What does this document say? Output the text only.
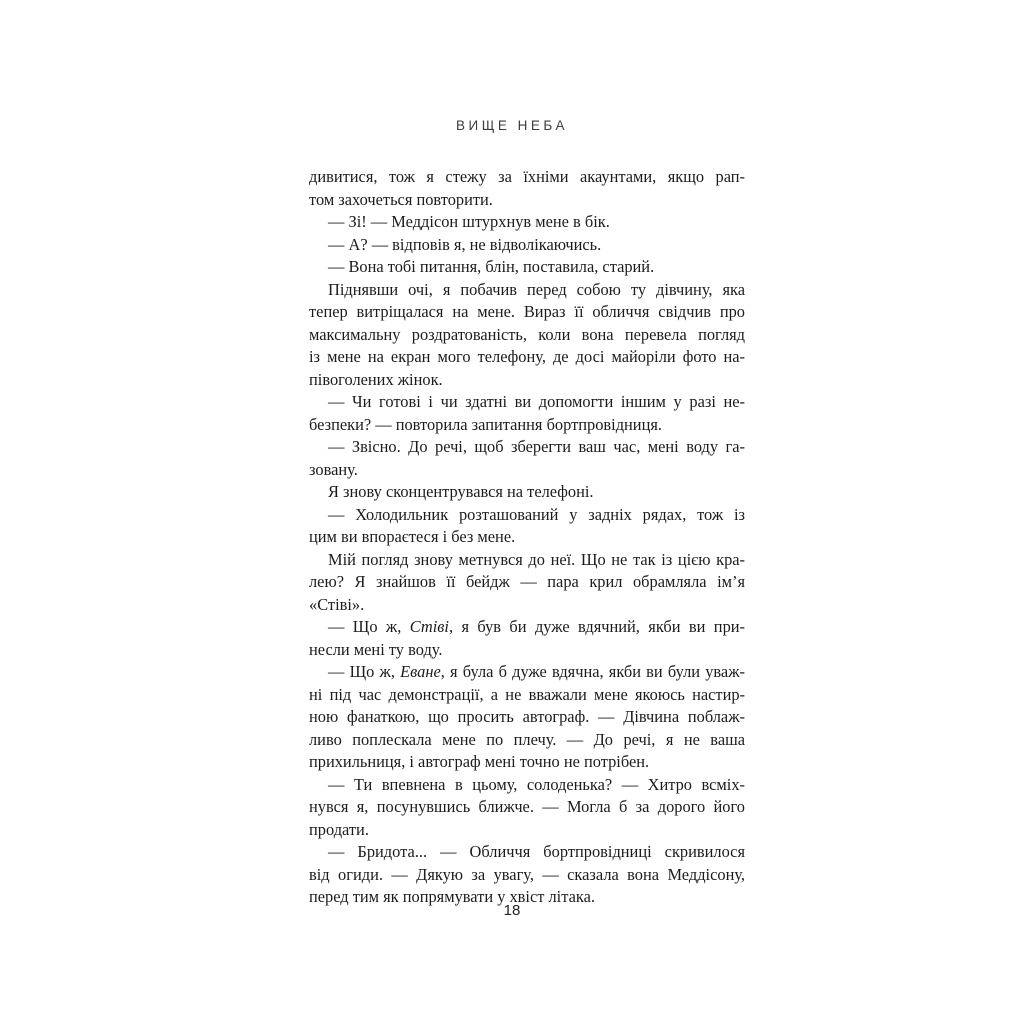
ВИЩЕ НЕБА
дивитися, тож я стежу за їхніми акаунтами, якщо рап-
том захочеться повторити.
— Зі! — Меддісон штурхнув мене в бік.
— А? — відповів я, не відволікаючись.
— Вона тобі питання, блін, поставила, старий.
Піднявши очі, я побачив перед собою ту дівчину, яка
тепер витріщалася на мене. Вираз її обличчя свідчив про
максимальну роздратованість, коли вона перевела погляд
із мене на екран мого телефону, де досі майоріли фото на-
півоголених жінок.
— Чи готові і чи здатні ви допомогти іншим у разі не-
безпеки? — повторила запитання бортпровідниця.
— Звісно. До речі, щоб зберегти ваш час, мені воду га-
зовану.
Я знову сконцентрувався на телефоні.
— Холодильник розташований у задніх рядах, тож із
цим ви впораєтеся і без мене.
Мій погляд знову метнувся до неї. Що не так із цією кра-
лею? Я знайшов її бейдж — пара крил обрамляла ім’я «Стіві».
— Що ж, Стіві, я був би дуже вдячний, якби ви при-
несли мені ту воду.
— Що ж, Еване, я була б дуже вдячна, якби ви були уваж-
ні під час демонстрації, а не вважали мене якоюсь настир-
ною фанаткою, що просить автограф. — Дівчина поблаж-
ливо поплескала мене по плечу. — До речі, я не ваша
прихильниця, і автограф мені точно не потрібен.
— Ти впевнена в цьому, солоденька? — Хитро всміх-
нувся я, посунувшись ближче. — Могла б за дорого його
продати.
— Бридота... — Обличчя бортпровідниці скривилося
від огиди. — Дякую за увагу, — сказала вона Меддісону,
перед тим як попрямувати у хвіст літака.
18
